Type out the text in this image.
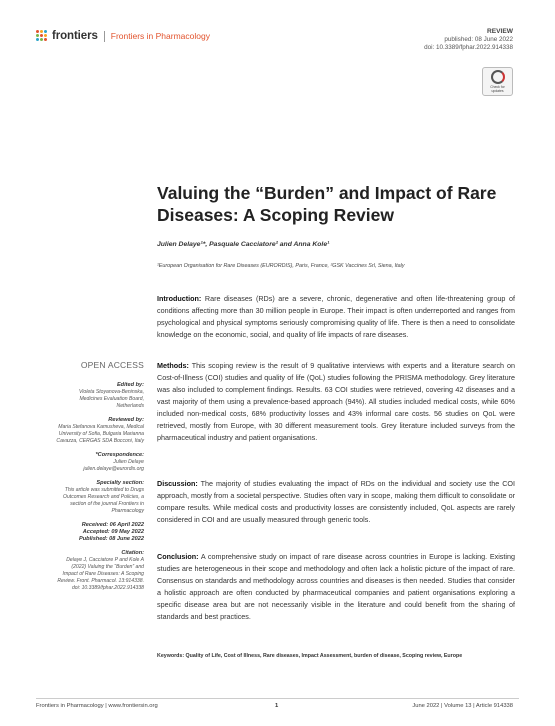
frontiers Frontiers in Pharmacology	REVIEW
published: 08 June 2022
doi: 10.3389/fphar.2022.914338
Check for
updates
Valuing the “Burden” and Impact of Rare Diseases: A Scoping Review
Julien Delaye¹*, Pasquale Cacciatore² and Anna Kole¹
¹European Organisation for Rare Diseases (EURORDIS), Paris, France, ²GSK Vaccines Srl, Siena, Italy

Introduction: Rare diseases (RDs) are a severe, chronic, degenerative and often life-threatening group of conditions affecting more than 30 million people in Europe. Their impact is often underreported and ranges from psychological and physical symptoms seriously compromising quality of life. There is then a need to consolidate knowledge on the economic, social, and quality of life impacts of rare diseases.

Methods: This scoping review is the result of 9 qualitative interviews with experts and a literature search on Cost-of-Illness (COI) studies and quality of life (QoL) studies following the PRISMA methodology. Grey literature was also included to complement findings. Results. 63 COI studies were retrieved, covering 42 diseases and a vast majority of them using a prevalence-based approach (94%). All studies included medical costs, while 60% included non-medical costs, 68% productivity losses and 43% informal care costs. 56 studies on QoL were retrieved, mostly from Europe, with 30 different measurement tools. Grey literature included surveys from the pharmaceutical industry and patient organisations.

Discussion: The majority of studies evaluating the impact of RDs on the individual and society use the COI approach, mostly from a societal perspective. Studies often vary in scope, making them difficult to consolidate or compare results. While medical costs and productivity losses are consistently included, QoL aspects are rarely considered in COI and are usually measured through generic tools.

Conclusion: A comprehensive study on impact of rare disease across countries in Europe is lacking. Existing studies are heterogeneous in their scope and methodology and often lack a holistic picture of the impact of rare. Consensus on standards and methodology across countries and diseases is then needed. Studies that consider a holistic approach are often conducted by pharmaceutical companies and patient organisations exploring a specific disease area but are not necessarily visible in the literature and could benefit from the sharing of standards and best practices.

Keywords: Quality of Life, Cost of Illness, Rare diseases, Impact Assessment, burden of disease, Scoping review, Europe
OPEN ACCESS
Edited by:
Violeta Stoyanova-Beninska, Medicines Evaluation Board, Netherlands
Reviewed by:
Maria Stefanova Kamusheva, Medical University of Sofia, Bulgaria Marianna Cavazza, CERGAS SDA Bocconi, Italy
*Correspondence:
Julien Delaye julien.delaye@eurordis.org
Specialty section:
This article was submitted to Drugs Outcomes Research and Policies, a section of the journal Frontiers in Pharmacology
Received: 06 April 2022
Accepted: 09 May 2022
Published: 08 June 2022
Citation:
Delaye J, Cacciatore P and Kole A (2022) Valuing the “Burden” and Impact of Rare Diseases: A Scoping Review. Front. Pharmacol. 13:914338. doi: 10.3389/fphar.2022.914338
Frontiers in Pharmacology | www.frontiersin.org	1	June 2022 | Volume 13 | Article 914338
